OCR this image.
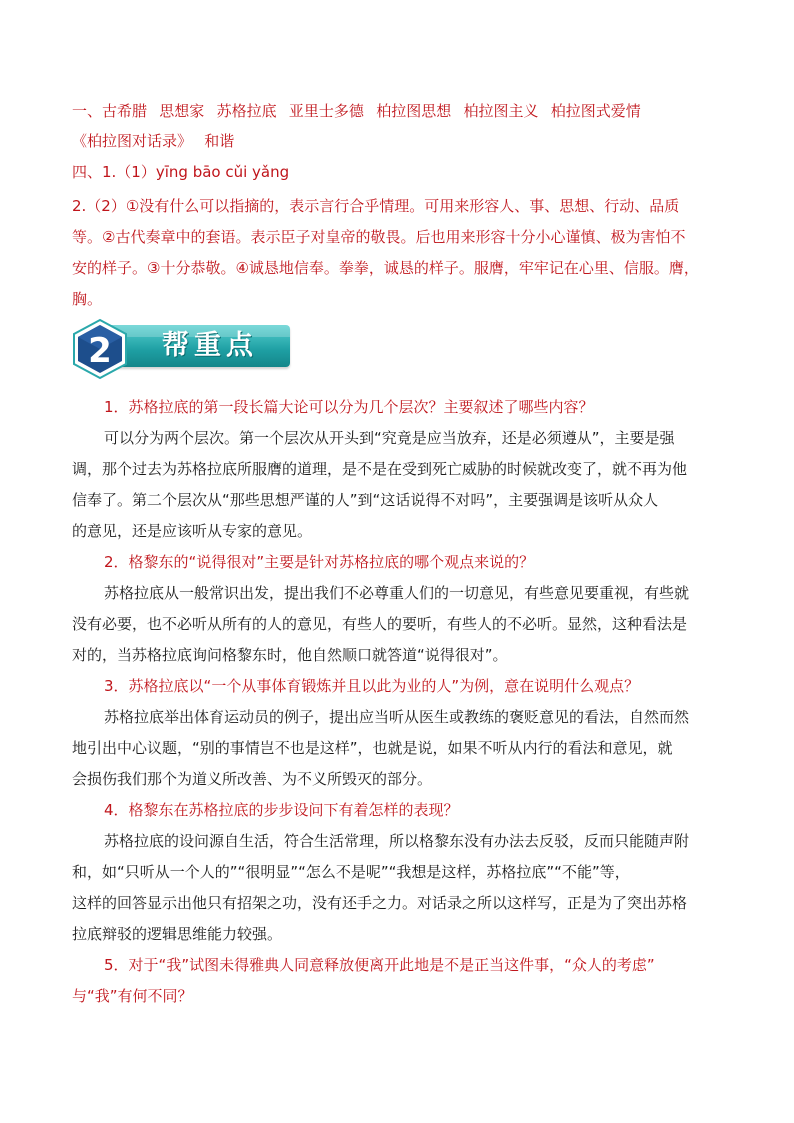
一、古希腊  思想家  苏格拉底  亚里士多德  柏拉图思想  柏拉图主义  柏拉图式爱情
《柏拉图对话录》  和谐
四、1.（1）yīng bāo cǔi yǎng
2.（2）①没有什么可以指摘的，表示言行合乎情理。可用来形容人、事、思想、行动、品质
等。②古代奏章中的套语。表示臣子对皇帝的敬畏。后也用来形容十分小心谨慎、极为害怕不
安的样子。③十分恭敬。④诚恳地信奉。拳拳，诚恳的样子。服膺，牢牢记在心里、信服。膺，
胸。
2 帮重点
1．苏格拉底的第一段长篇大论可以分为几个层次？主要叙述了哪些内容？
可以分为两个层次。第一个层次从开头到“究竟是应当放弃，还是必须遵从”，主要是强
调，那个过去为苏格拉底所服膺的道理，是不是在受到死亡威胁的时候就改变了，就不再为他
信奉了。第二个层次从“那些思想严谨的人”到“这话说得不对吗”，主要强调是该听从众人
的意见，还是应该听从专家的意见。
2．格黎东的“说得很对”主要是针对苏格拉底的哪个观点来说的？
苏格拉底从一般常识出发，提出我们不必尊重人们的一切意见，有些意见要重视，有些就
没有必要，也不必听从所有的人的意见，有些人的要听，有些人的不必听。显然，这种看法是
对的，当苏格拉底询问格黎东时，他自然顺口就答道“说得很对”。
3．苏格拉底以“一个从事体育锻炼并且以此为业的人”为例，意在说明什么观点？
苏格拉底举出体育运动员的例子，提出应当听从医生或教练的褒贬意见的看法，自然而然
地引出中心议题，“别的事情岂不也是这样”，也就是说，如果不听从内行的看法和意见，就
会损伤我们那个为道义所改善、为不义所毁灭的部分。
4．格黎东在苏格拉底的步步设问下有着怎样的表现？
苏格拉底的设问源自生活，符合生活常理，所以格黎东没有办法去反驳，反而只能随声附
和，如“只听从一个人的”“很明显”“怎么不是呢”“我想是这样，苏格拉底”“不能”等，
这样的回答显示出他只有招架之功，没有还手之力。对话录之所以这样写，正是为了突出苏格
拉底辩驳的逻辑思维能力较强。
5．对于“我”试图未得雅典人同意释放便离开此地是不是正当这件事，“众人的考虑”
与“我”有何不同？
